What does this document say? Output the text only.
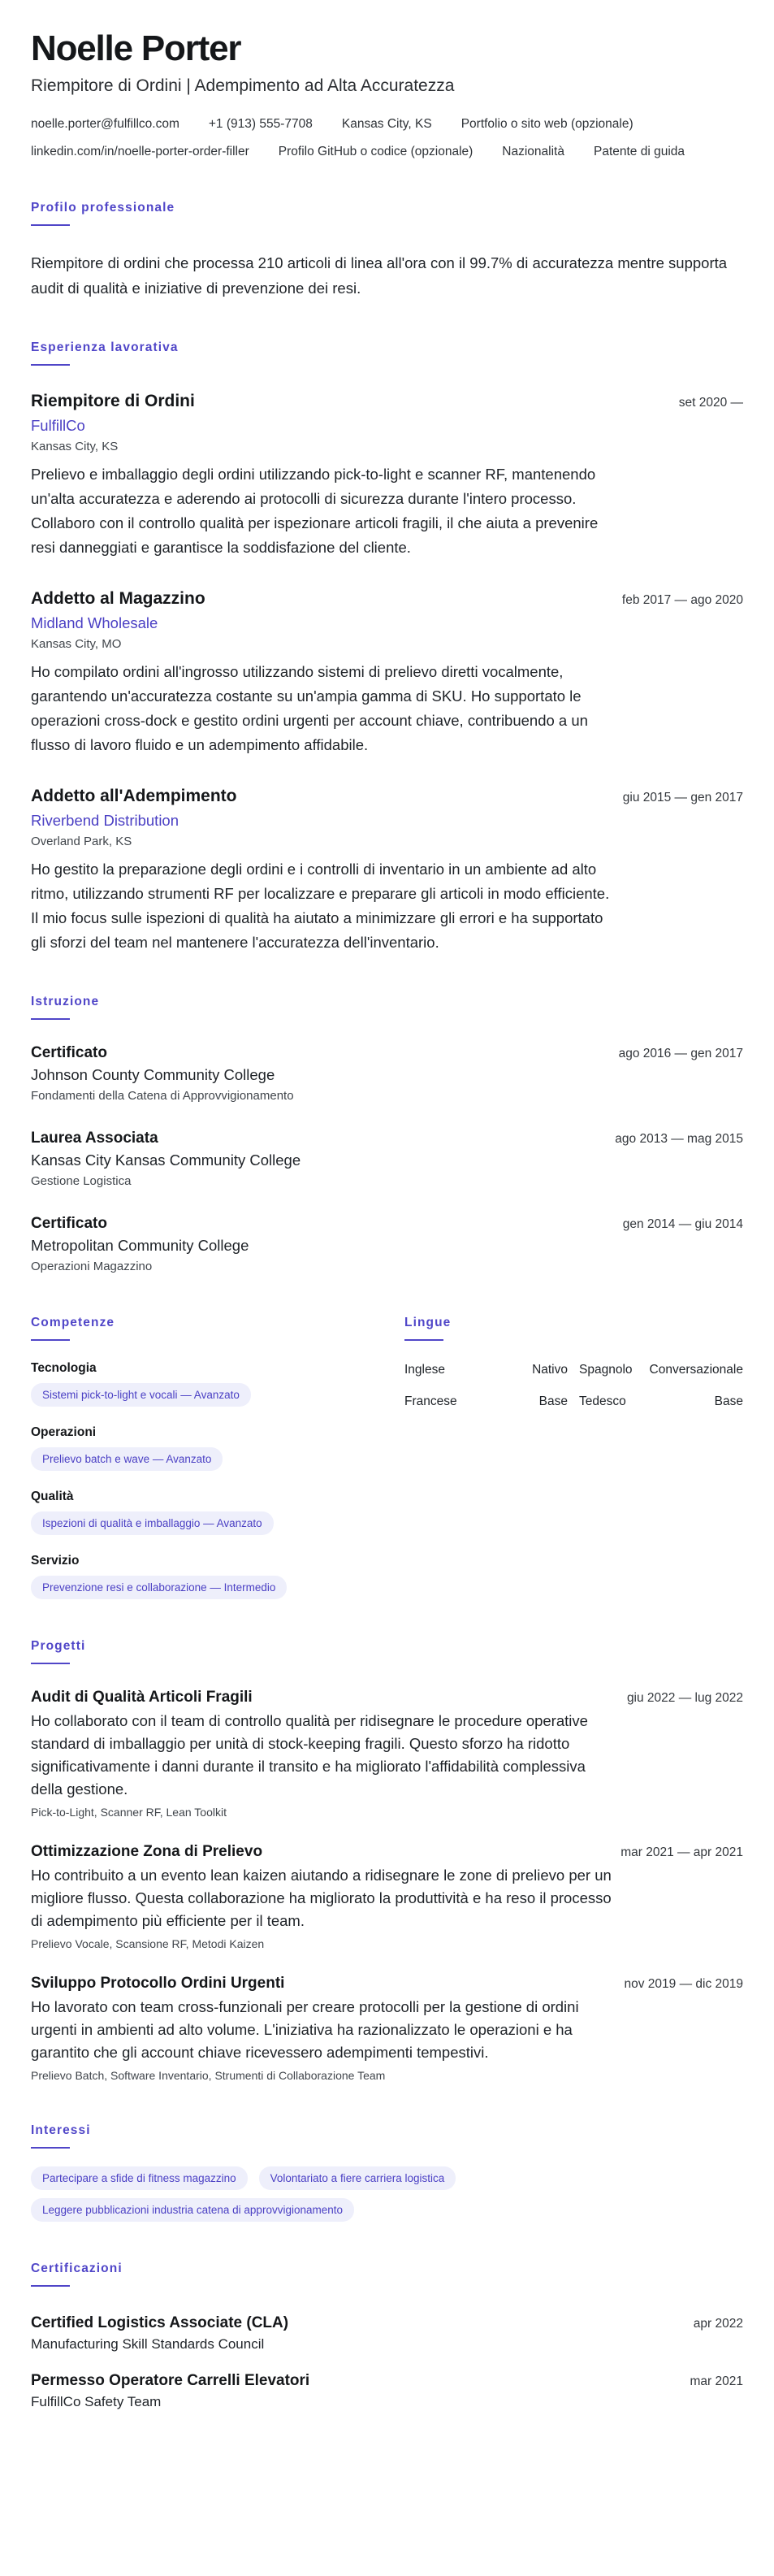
Noelle Porter
Riempitore di Ordini | Adempimento ad Alta Accuratezza
noelle.porter@fulfillco.com +1 (913) 555-7708 Kansas City, KS Portfolio o sito web (opzionale)
linkedin.com/in/noelle-porter-order-filler Profilo GitHub o codice (opzionale) Nazionalità Patente di guida
Profilo professionale

Riempitore di ordini che processa 210 articoli di linea all'ora con il 99.7% di accuratezza mentre supporta audit di qualità e iniziative di prevenzione dei resi.

Esperienza lavorativa
Riempitore di Ordini	set 2020 —
FulfillCo
Kansas City, KS

Prelievo e imballaggio degli ordini utilizzando pick-to-light e scanner RF, mantenendo un'alta accuratezza e aderendo ai protocolli di sicurezza durante l'intero processo. Collaboro con il controllo qualità per ispezionare articoli fragili, il che aiuta a prevenire resi danneggiati e garantisce la soddisfazione del cliente.

Addetto al Magazzino	feb 2017 — ago 2020
Midland Wholesale
Kansas City, MO

Ho compilato ordini all'ingrosso utilizzando sistemi di prelievo diretti vocalmente, garantendo un'accuratezza costante su un'ampia gamma di SKU. Ho supportato le operazioni cross-dock e gestito ordini urgenti per account chiave, contribuendo a un flusso di lavoro fluido e un adempimento affidabile.

Addetto all'Adempimento	giu 2015 — gen 2017
Riverbend Distribution
Overland Park, KS

Ho gestito la preparazione degli ordini e i controlli di inventario in un ambiente ad alto ritmo, utilizzando strumenti RF per localizzare e preparare gli articoli in modo efficiente. Il mio focus sulle ispezioni di qualità ha aiutato a minimizzare gli errori e ha supportato gli sforzi del team nel mantenere l'accuratezza dell'inventario.

Istruzione
Certificato	ago 2016 — gen 2017
Johnson County Community College
Fondamenti della Catena di Approvvigionamento
Laurea Associata	ago 2013 — mag 2015
Kansas City Kansas Community College
Gestione Logistica
Certificato	gen 2014 — giu 2014
Metropolitan Community College
Operazioni Magazzino
Competenze
Tecnologia
Sistemi pick-to-light e vocali — Avanzato
Operazioni
Prelievo batch e wave — Avanzato
Qualità
Ispezioni di qualità e imballaggio — Avanzato
Servizio
Prevenzione resi e collaborazione — Intermedio
Lingue
Inglese	Nativo Spagnolo Conversazionale
Francese	Base Tedesco	Base
Progetti
Audit di Qualità Articoli Fragili	giu 2022 — lug 2022

Ho collaborato con il team di controllo qualità per ridisegnare le procedure operative standard di imballaggio per unità di stock-keeping fragili. Questo sforzo ha ridotto significativamente i danni durante il transito e ha migliorato l'affidabilità complessiva della gestione.

Pick-to-Light, Scanner RF, Lean Toolkit
Ottimizzazione Zona di Prelievo	mar 2021 — apr 2021

Ho contribuito a un evento lean kaizen aiutando a ridisegnare le zone di prelievo per un migliore flusso. Questa collaborazione ha migliorato la produttività e ha reso il processo di adempimento più efficiente per il team.

Prelievo Vocale, Scansione RF, Metodi Kaizen
Sviluppo Protocollo Ordini Urgenti	nov 2019 — dic 2019

Ho lavorato con team cross-funzionali per creare protocolli per la gestione di ordini urgenti in ambienti ad alto volume. L'iniziativa ha razionalizzato le operazioni e ha garantito che gli account chiave ricevessero adempimenti tempestivi.

Prelievo Batch, Software Inventario, Strumenti di Collaborazione Team
Interessi
Partecipare a sfide di fitness magazzino	Volontariato a fiere carriera logistica
Leggere pubblicazioni industria catena di approvvigionamento
Certificazioni
Certified Logistics Associate (CLA)	apr 2022
Manufacturing Skill Standards Council
Permesso Operatore Carrelli Elevatori	mar 2021
FulfillCo Safety Team
